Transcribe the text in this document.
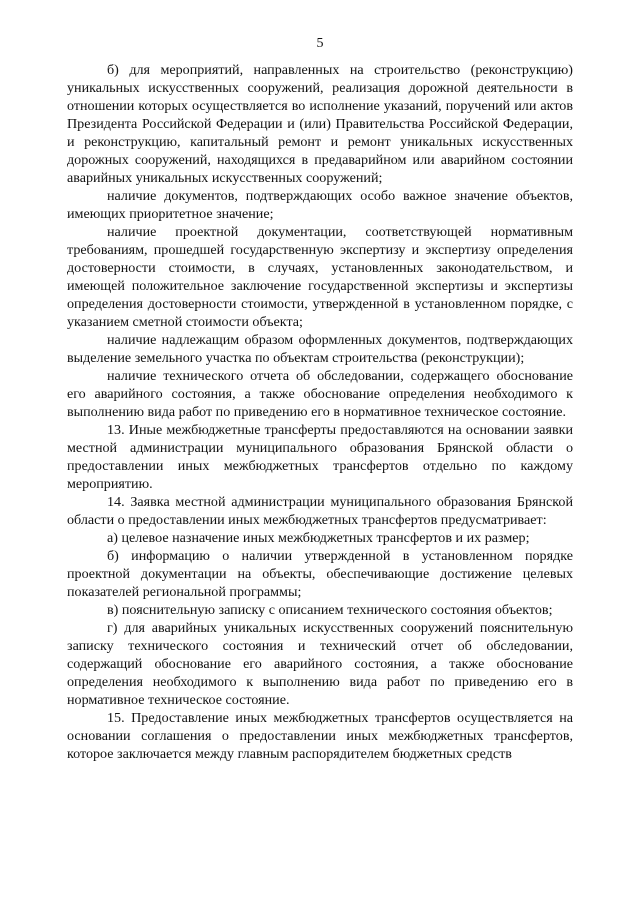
5

б) для мероприятий, направленных на строительство (реконструкцию) уникальных искусственных сооружений, реализация дорожной деятельности в отношении которых осуществляется во исполнение указаний, поручений или актов Президента Российской Федерации и (или) Правительства Российской Федерации, и реконструкцию, капитальный ремонт и ремонт уникальных искусственных дорожных сооружений, находящихся в предаварийном или аварийном состоянии аварийных уникальных искусственных сооружений;

наличие документов, подтверждающих особо важное значение объектов, имеющих приоритетное значение;

наличие проектной документации, соответствующей нормативным требованиям, прошедшей государственную экспертизу и экспертизу определения достоверности стоимости, в случаях, установленных законодательством, и имеющей положительное заключение государственной экспертизы и экспертизы определения достоверности стоимости, утвержденной в установленном порядке, с указанием сметной стоимости объекта;

наличие надлежащим образом оформленных документов, подтверждающих выделение земельного участка по объектам строительства (реконструкции);

наличие технического отчета об обследовании, содержащего обоснование его аварийного состояния, а также обоснование определения необходимого к выполнению вида работ по приведению его в нормативное техническое состояние.

13. Иные межбюджетные трансферты предоставляются на основании заявки местной администрации муниципального образования Брянской области о предоставлении иных межбюджетных трансфертов отдельно по каждому мероприятию.

14. Заявка местной администрации муниципального образования Брянской области о предоставлении иных межбюджетных трансфертов предусматривает:

а) целевое назначение иных межбюджетных трансфертов и их размер;

б) информацию о наличии утвержденной в установленном порядке проектной документации на объекты, обеспечивающие достижение целевых показателей региональной программы;

в) пояснительную записку с описанием технического состояния объектов;

г) для аварийных уникальных искусственных сооружений пояснительную записку технического состояния и технический отчет об обследовании, содержащий обоснование его аварийного состояния, а также обоснование определения необходимого к выполнению вида работ по приведению его в нормативное техническое состояние.

15. Предоставление иных межбюджетных трансфертов осуществляется на основании соглашения о предоставлении иных межбюджетных трансфертов, которое заключается между главным распорядителем бюджетных средств
